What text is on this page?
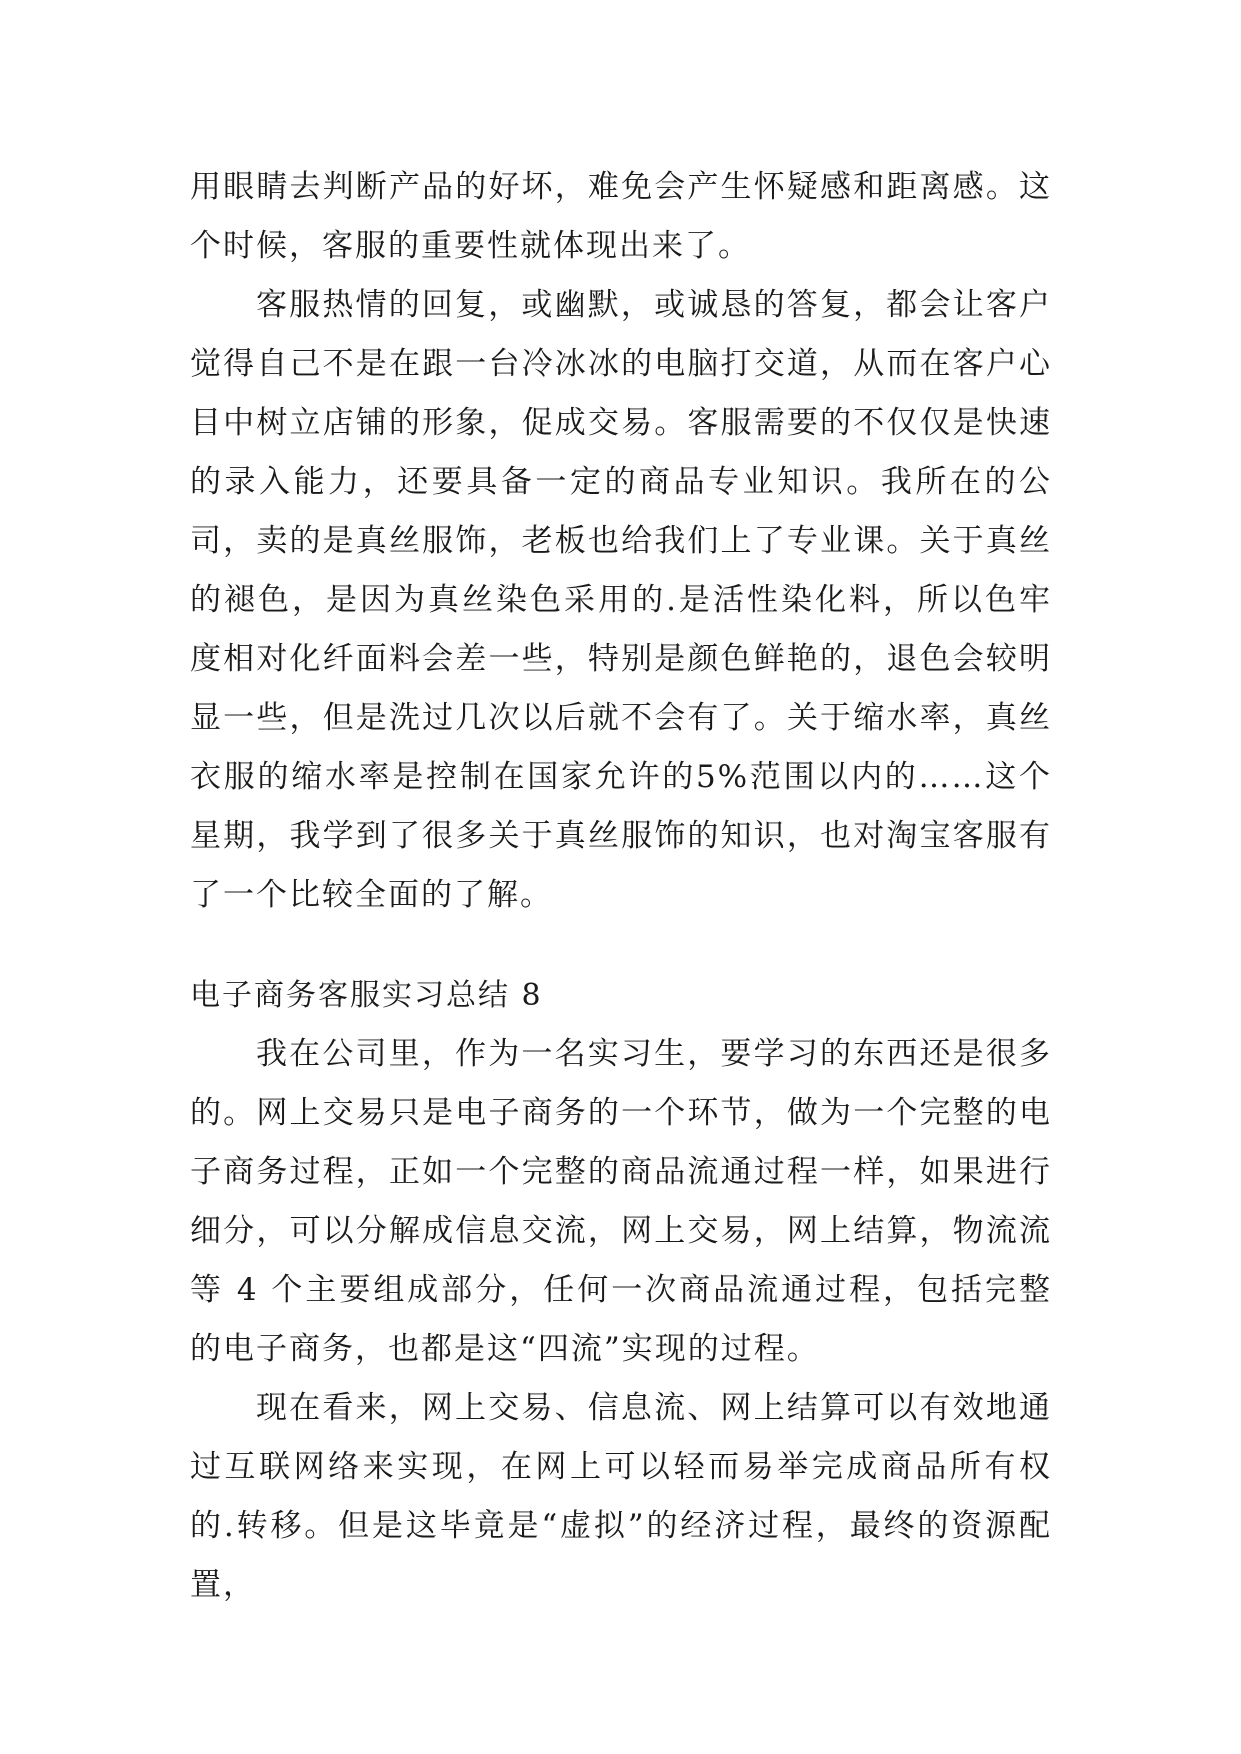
用眼睛去判断产品的好坏，难免会产生怀疑感和距离感。这个时候，客服的重要性就体现出来了。

客服热情的回复，或幽默，或诚恳的答复，都会让客户觉得自己不是在跟一台冷冰冰的电脑打交道，从而在客户心目中树立店铺的形象，促成交易。客服需要的不仅仅是快速的录入能力，还要具备一定的商品专业知识。我所在的公司，卖的是真丝服饰，老板也给我们上了专业课。关于真丝的褪色，是因为真丝染色采用的.是活性染化料，所以色牢度相对化纤面料会差一些，特别是颜色鲜艳的，退色会较明显一些，但是洗过几次以后就不会有了。关于缩水率，真丝衣服的缩水率是控制在国家允许的5%范围以内的……这个星期，我学到了很多关于真丝服饰的知识，也对淘宝客服有了一个比较全面的了解。

电子商务客服实习总结 8

我在公司里，作为一名实习生，要学习的东西还是很多的。网上交易只是电子商务的一个环节，做为一个完整的电子商务过程，正如一个完整的商品流通过程一样，如果进行细分，可以分解成信息交流，网上交易，网上结算，物流流等 4 个主要组成部分，任何一次商品流通过程，包括完整的电子商务，也都是这“四流”实现的过程。

现在看来，网上交易、信息流、网上结算可以有效地通过互联网络来实现，在网上可以轻而易举完成商品所有权的.转移。但是这毕竟是“虚拟”的经济过程，最终的资源配置，
